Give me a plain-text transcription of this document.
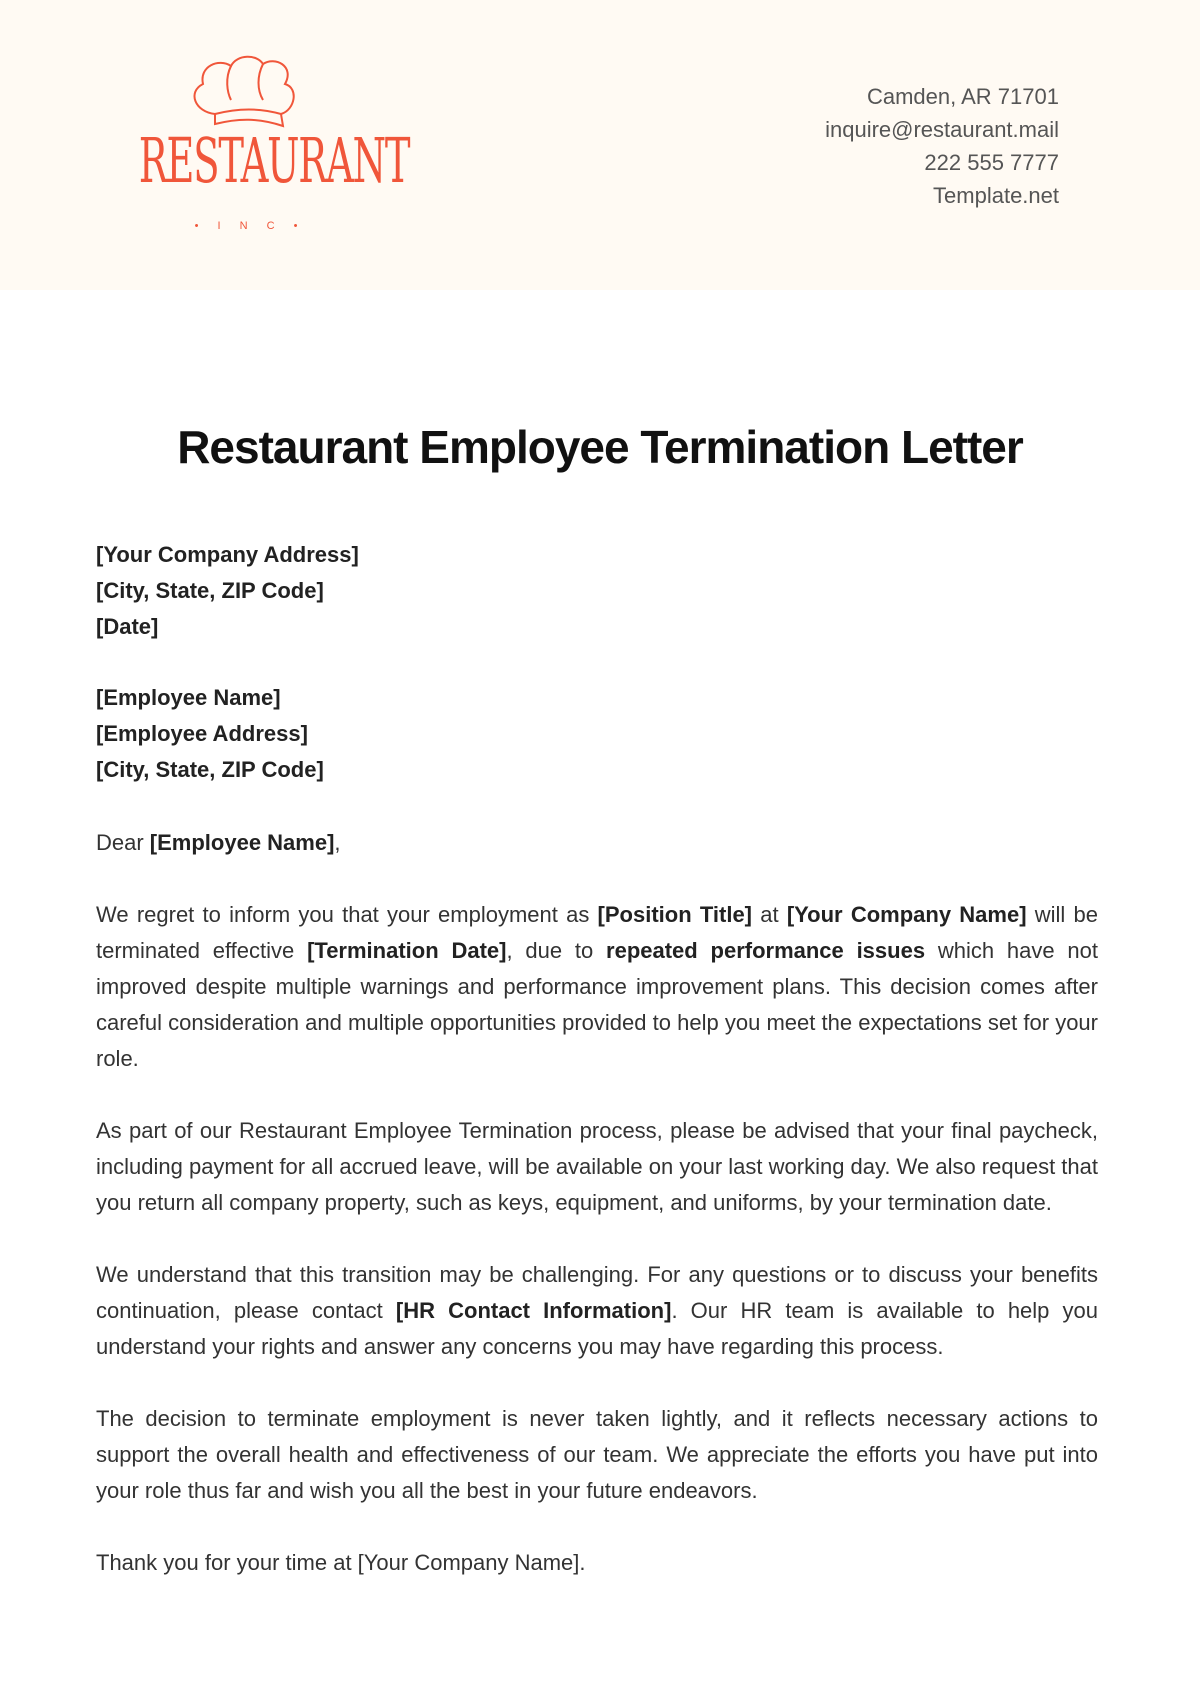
RESTAURANT
• I N C •
Camden, AR 71701
inquire@restaurant.mail
222 555 7777
Template.net
Restaurant Employee Termination Letter
[Your Company Address]
[City, State, ZIP Code]
[Date]
[Employee Name]
[Employee Address]
[City, State, ZIP Code]
Dear [Employee Name],

We regret to inform you that your employment as [Position Title] at [Your Company Name] will be terminated effective [Termination Date], due to repeated performance issues which have not improved despite multiple warnings and performance improvement plans. This decision comes after careful consideration and multiple opportunities provided to help you meet the expectations set for your role.

As part of our Restaurant Employee Termination process, please be advised that your final paycheck, including payment for all accrued leave, will be available on your last working day. We also request that you return all company property, such as keys, equipment, and uniforms, by your termination date.

We understand that this transition may be challenging. For any questions or to discuss your benefits continuation, please contact [HR Contact Information]. Our HR team is available to help you understand your rights and answer any concerns you may have regarding this process.

The decision to terminate employment is never taken lightly, and it reflects necessary actions to support the overall health and effectiveness of our team. We appreciate the efforts you have put into your role thus far and wish you all the best in your future endeavors.

Thank you for your time at [Your Company Name].
